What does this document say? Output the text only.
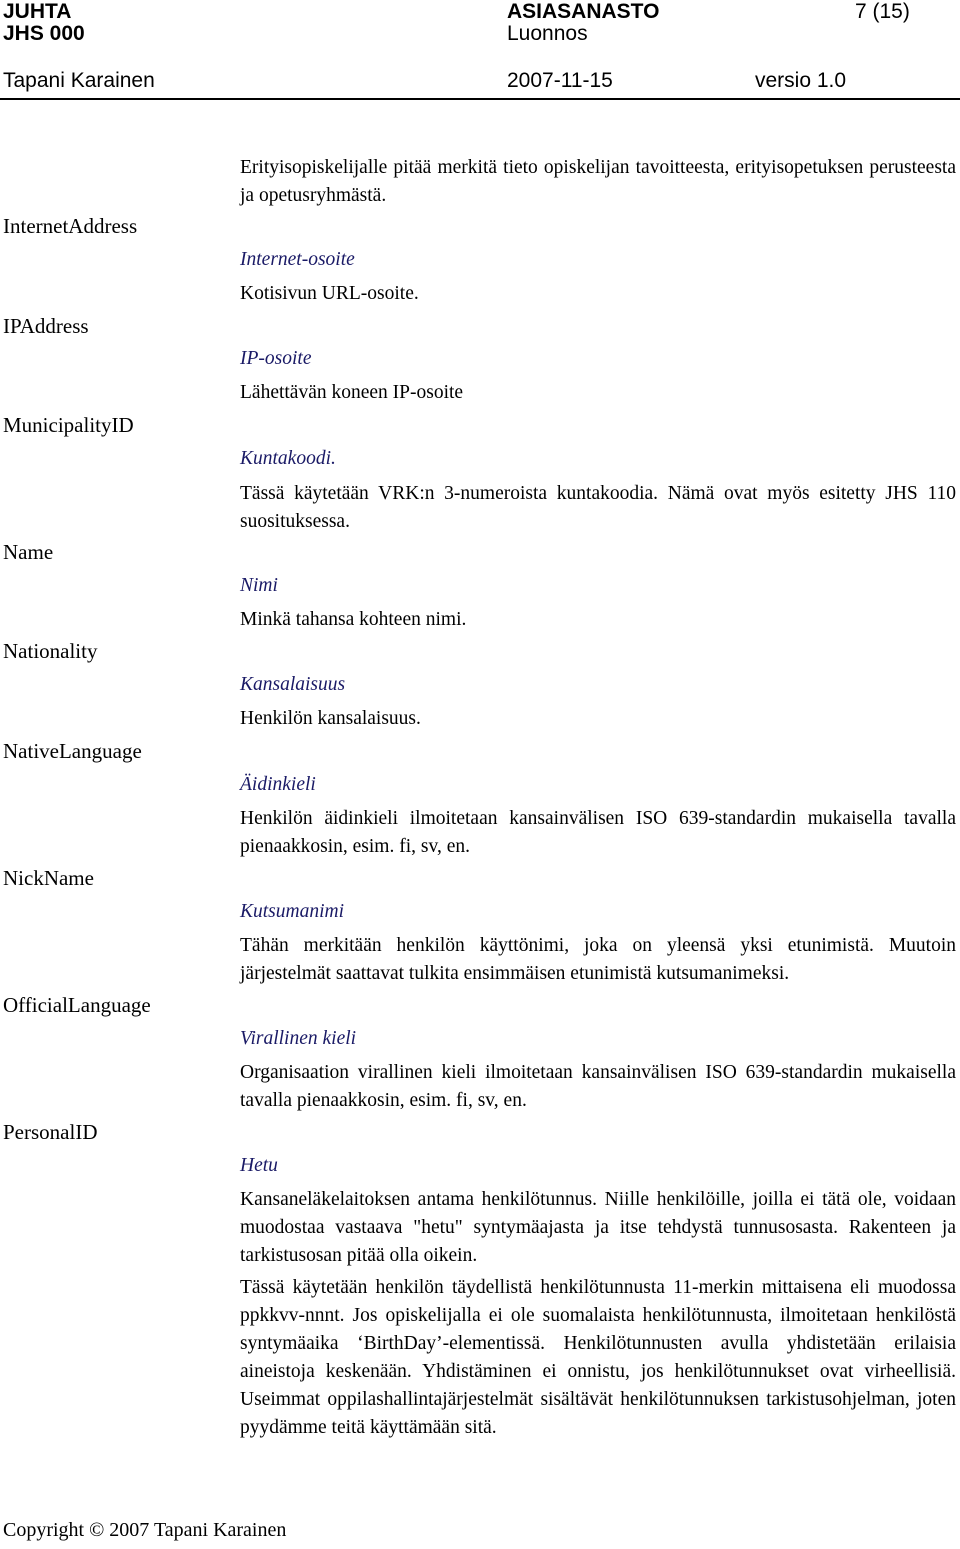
JUHTA
JHS 000
ASIASANASTO
Luonnos
7 (15)
Tapani Karainen	2007-11-15	versio 1.0
InternetAddress
IPAddress
MunicipalityID
Name
Nationality
NativeLanguage
NickName
OfficialLanguage
PersonalID

Erityisopiskelijalle pitää merkitä tieto opiskelijan tavoitteesta, erityisopetuksen perusteesta ja opetusryhmästä.

Internet-osoite

Kotisivun URL-osoite.

IP-osoite

Lähettävän koneen IP-osoite

Kuntakoodi.

Tässä käytetään VRK:n 3-numeroista kuntakoodia. Nämä ovat myös esitetty JHS 110 suosituksessa.

Nimi

Minkä tahansa kohteen nimi.

Kansalaisuus

Henkilön kansalaisuus.

Äidinkieli

Henkilön äidinkieli ilmoitetaan kansainvälisen ISO 639-standardin mukaisella tavalla pienaakkosin, esim. fi, sv, en.

Kutsumanimi

Tähän merkitään henkilön käyttönimi, joka on yleensä yksi etunimistä. Muutoin järjestelmät saattavat tulkita ensimmäisen etunimistä kutsumanimeksi.

Virallinen kieli

Organisaation virallinen kieli ilmoitetaan kansainvälisen ISO 639-standardin mukaisella tavalla pienaakkosin, esim. fi, sv, en.

Hetu

Kansaneläkelaitoksen antama henkilötunnus. Niille henkilöille, joilla ei tätä ole, voidaan muodostaa vastaava "hetu" syntymäajasta ja itse tehdystä tunnusosasta. Rakenteen ja tarkistusosan pitää olla oikein.

Tässä käytetään henkilön täydellistä henkilötunnusta 11-merkin mittaisena eli muodossa ppkkvv-nnnt. Jos opiskelijalla ei ole suomalaista henkilötunnusta, ilmoitetaan henkilöstä syntymäaika ‘BirthDay’-elementissä. Henkilötunnusten avulla yhdistetään erilaisia aineistoja keskenään. Yhdistäminen ei onnistu, jos henkilötunnukset ovat virheellisiä. Useimmat oppilashallintajärjestelmät sisältävät henkilötunnuksen tarkistusohjelman, joten pyydämme teitä käyttämään sitä.

Copyright © 2007 Tapani Karainen
